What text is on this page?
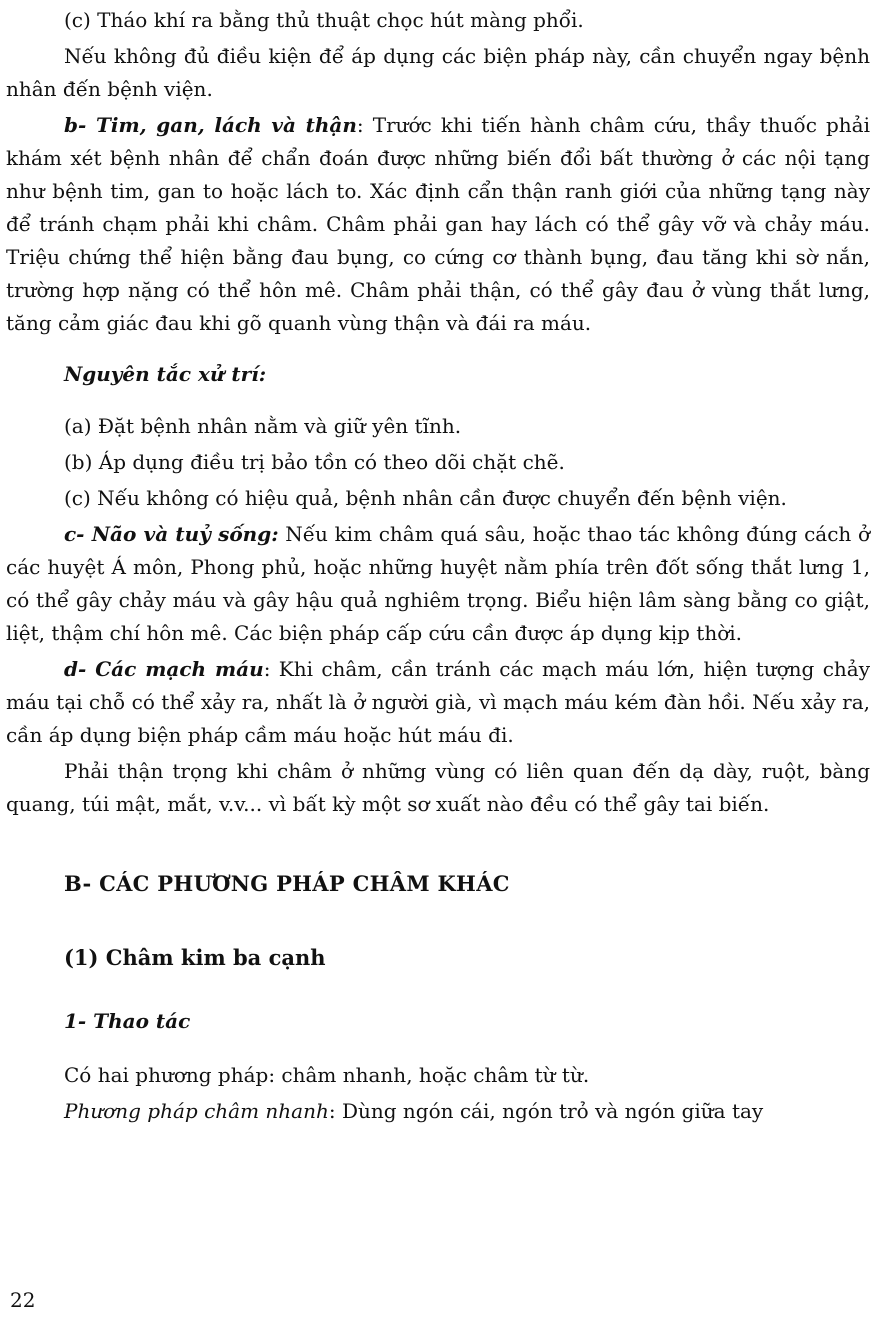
(c) Tháo khí ra bằng thủ thuật chọc hút màng phổi.

Nếu không đủ điều kiện để áp dụng các biện pháp này, cần chuyển ngay bệnh nhân đến bệnh viện.

b- Tim, gan, lách và thận: Trước khi tiến hành châm cứu, thầy thuốc phải khám xét bệnh nhân để chẩn đoán được những biến đổi bất thường ở các nội tạng như bệnh tim, gan to hoặc lách to. Xác định cẩn thận ranh giới của những tạng này để tránh chạm phải khi châm. Châm phải gan hay lách có thể gây vỡ và chảy máu. Triệu chứng thể hiện bằng đau bụng, co cứng cơ thành bụng, đau tăng khi sờ nắn, trường hợp nặng có thể hôn mê. Châm phải thận, có thể gây đau ở vùng thắt lưng, tăng cảm giác đau khi gõ quanh vùng thận và đái ra máu.

Nguyên tắc xử trí:

(a) Đặt bệnh nhân nằm và giữ yên tĩnh.

(b) Áp dụng điều trị bảo tồn có theo dõi chặt chẽ.

(c) Nếu không có hiệu quả, bệnh nhân cần được chuyển đến bệnh viện.

c- Não và tuỷ sống: Nếu kim châm quá sâu, hoặc thao tác không đúng cách ở các huyệt Á môn, Phong phủ, hoặc những huyệt nằm phía trên đốt sống thắt lưng 1, có thể gây chảy máu và gây hậu quả nghiêm trọng. Biểu hiện lâm sàng bằng co giật, liệt, thậm chí hôn mê. Các biện pháp cấp cứu cần được áp dụng kịp thời.

d- Các mạch máu: Khi châm, cần tránh các mạch máu lớn, hiện tượng chảy máu tại chỗ có thể xảy ra, nhất là ở người già, vì mạch máu kém đàn hồi. Nếu xảy ra, cần áp dụng biện pháp cầm máu hoặc hút máu đi.

Phải thận trọng khi châm ở những vùng có liên quan đến dạ dày, ruột, bàng quang, túi mật, mắt, v.v... vì bất kỳ một sơ xuất nào đều có thể gây tai biến.

B- CÁC PHƯƠNG PHÁP CHÂM KHÁC

(1) Châm kim ba cạnh

1- Thao tác

Có hai phương pháp: châm nhanh, hoặc châm từ từ.

Phương pháp châm nhanh: Dùng ngón cái, ngón trỏ và ngón giữa tay

22
